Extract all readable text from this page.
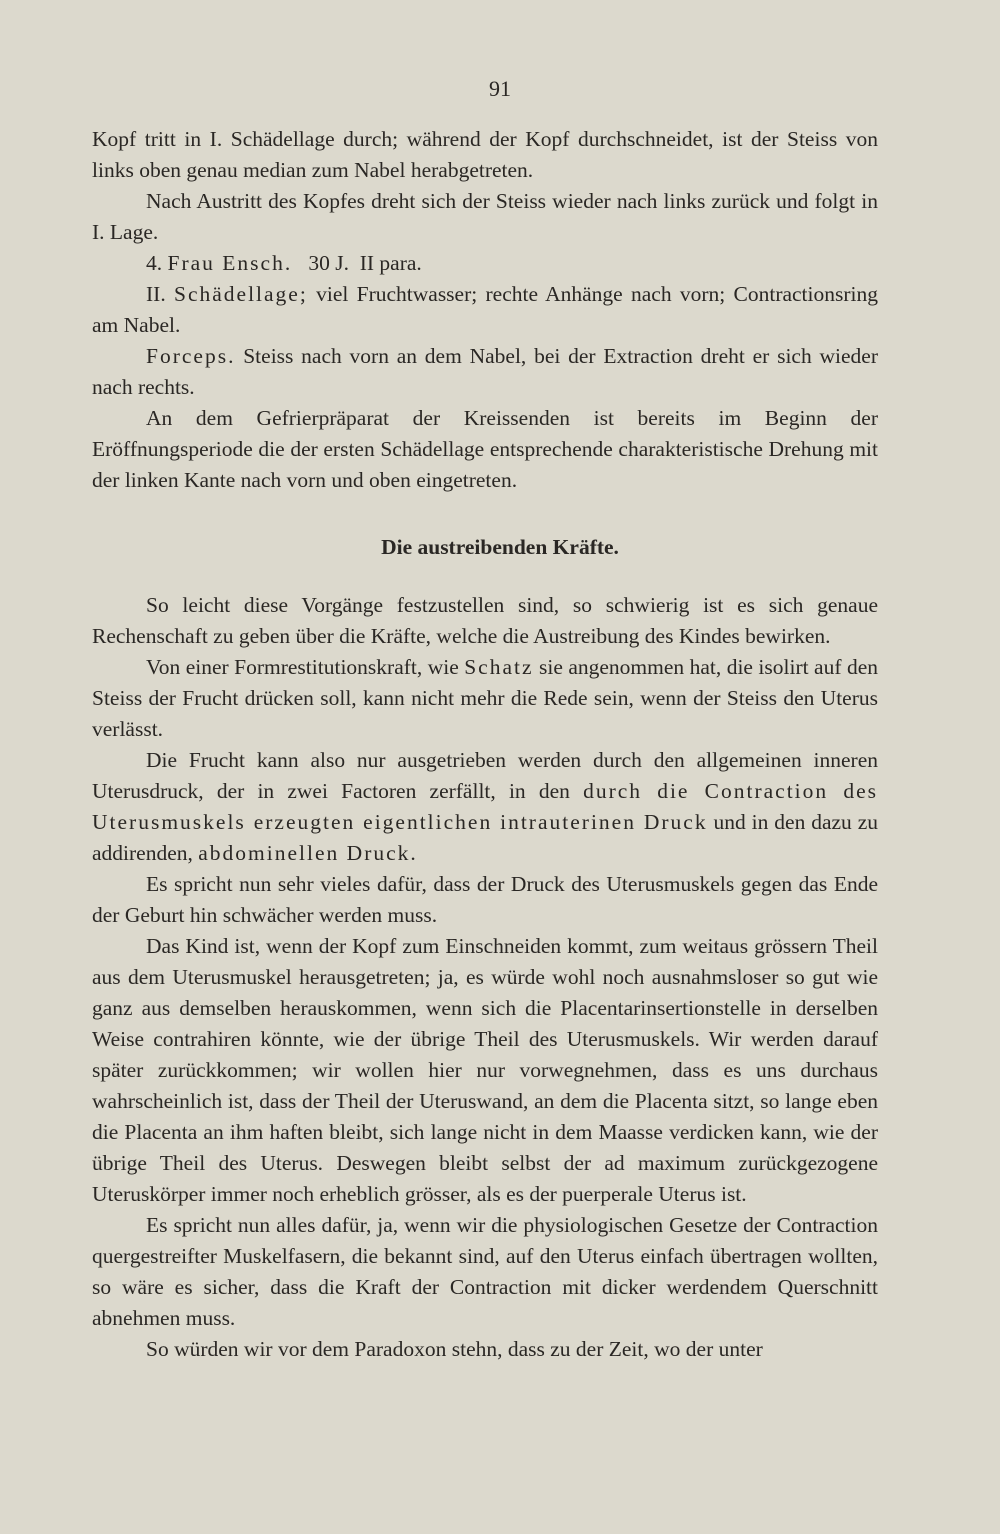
91

Kopf tritt in I. Schädellage durch; während der Kopf durchschneidet, ist der Steiss von links oben genau median zum Nabel herabgetreten.

Nach Austritt des Kopfes dreht sich der Steiss wieder nach links zurück und folgt in I. Lage.

4. Frau Ensch. 30 J. II para.

II. Schädellage; viel Fruchtwasser; rechte Anhänge nach vorn; Contractionsring am Nabel.

Forceps. Steiss nach vorn an dem Nabel, bei der Extraction dreht er sich wieder nach rechts.

An dem Gefrierpräparat der Kreissenden ist bereits im Beginn der Eröffnungsperiode die der ersten Schädellage entsprechende charakteristische Drehung mit der linken Kante nach vorn und oben eingetreten.

Die austreibenden Kräfte.

So leicht diese Vorgänge festzustellen sind, so schwierig ist es sich genaue Rechenschaft zu geben über die Kräfte, welche die Austreibung des Kindes bewirken.

Von einer Formrestitutionskraft, wie Schatz sie angenommen hat, die isolirt auf den Steiss der Frucht drücken soll, kann nicht mehr die Rede sein, wenn der Steiss den Uterus verlässt.

Die Frucht kann also nur ausgetrieben werden durch den allgemeinen inneren Uterusdruck, der in zwei Factoren zerfällt, in den durch die Contraction des Uterusmuskels erzeugten eigentlichen intrauterinen Druck und in den dazu zu addirenden, abdominellen Druck.

Es spricht nun sehr vieles dafür, dass der Druck des Uterusmuskels gegen das Ende der Geburt hin schwächer werden muss.

Das Kind ist, wenn der Kopf zum Einschneiden kommt, zum weitaus grössern Theil aus dem Uterusmuskel herausgetreten; ja, es würde wohl noch ausnahmsloser so gut wie ganz aus demselben herauskommen, wenn sich die Placentarinsertionstelle in derselben Weise contrahiren könnte, wie der übrige Theil des Uterusmuskels. Wir werden darauf später zurückkommen; wir wollen hier nur vorwegnehmen, dass es uns durchaus wahrscheinlich ist, dass der Theil der Uteruswand, an dem die Placenta sitzt, so lange eben die Placenta an ihm haften bleibt, sich lange nicht in dem Maasse verdicken kann, wie der übrige Theil des Uterus. Deswegen bleibt selbst der ad maximum zurückgezogene Uteruskörper immer noch erheblich grösser, als es der puerperale Uterus ist.

Es spricht nun alles dafür, ja, wenn wir die physiologischen Gesetze der Contraction quergestreifter Muskelfasern, die bekannt sind, auf den Uterus einfach übertragen wollten, so wäre es sicher, dass die Kraft der Contraction mit dicker werdendem Querschnitt abnehmen muss.

So würden wir vor dem Paradoxon stehn, dass zu der Zeit, wo der unter
